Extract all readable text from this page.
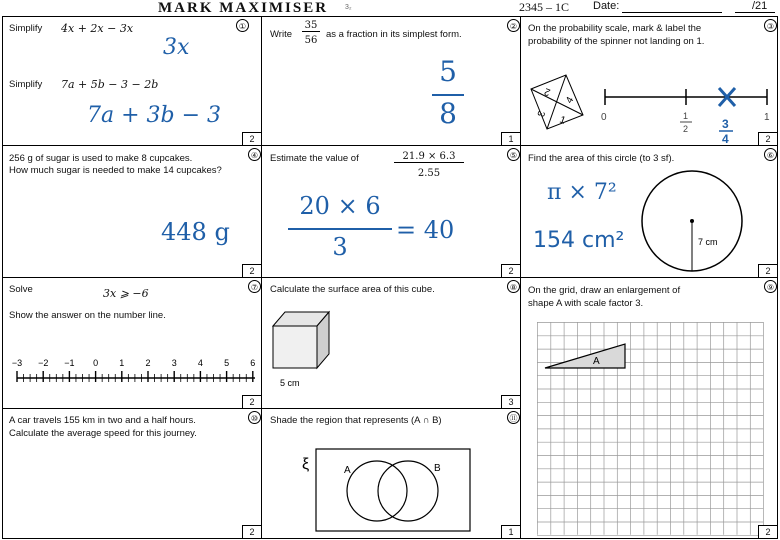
MARK MAXIMISER 3₂	2345 – 1C Date:	/21
①
Simplify 4x + 2x − 3x
3x
Simplify 7a + 5b − 3 − 2b
7a + 3b − 3
2
②
Write
35
56
as a fraction in its simplest form.
5
8
1
③
On the probability scale, mark & label the
probability of the spinner not landing on 1.
2
4
1
3	0	1
2
1
3
4	2
④
256 g of sugar is used to make 8 cupcakes.
How much sugar is needed to make 14 cupcakes?
448 g
2
⑤
Estimate the value of	21.9 × 6.3
2.55
20 × 6
3
= 40
2
⑥
Find the area of this circle (to 3 sf).
π × 7²
154 cm²	7 cm
2
⑦
Solve	3x ⩾ −6
Show the answer on the number line.
−3 −2 −1 0 1 2 3 4 5 6
2
⑧
Calculate the surface area of this cube.
5 cm
3
⑨
On the grid, draw an enlargement of
shape A with scale factor 3.
A
2
⑩
A car travels 155 km in two and a half hours.
Calculate the average speed for this journey.
2
⑪
Shade the region that represents (A ∩ B)
ξ	A	B
1
